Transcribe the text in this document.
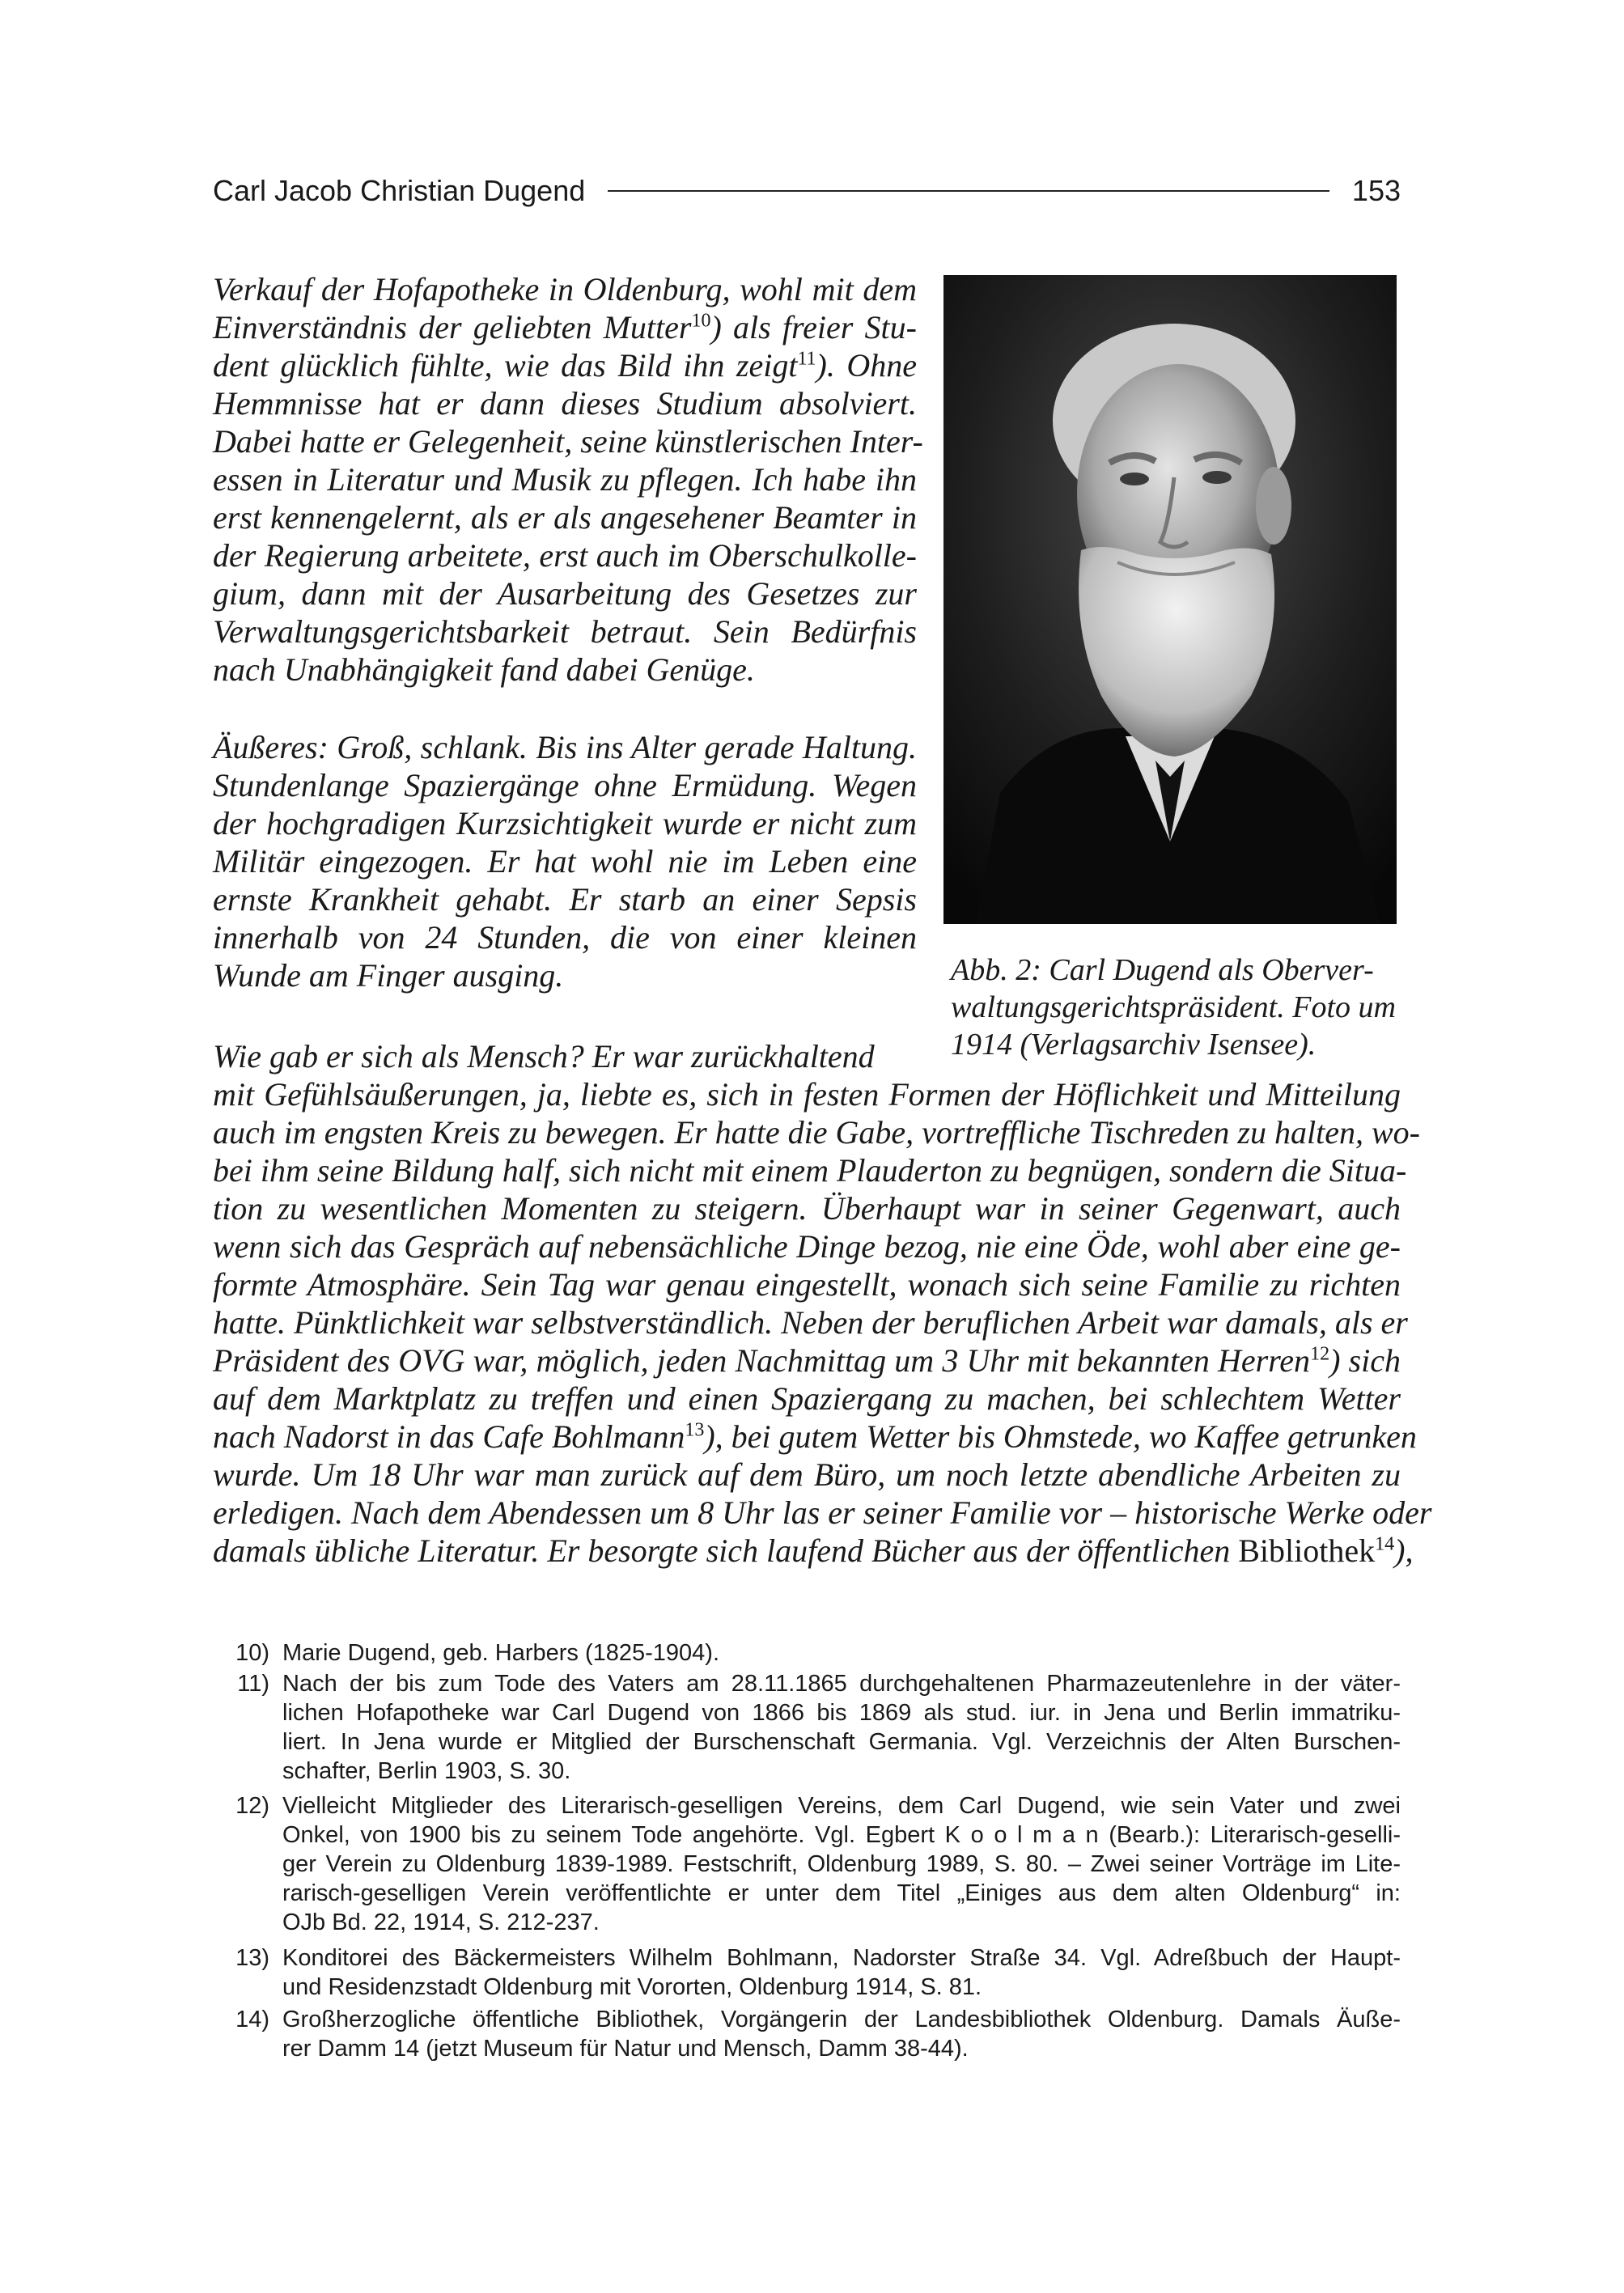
Carl Jacob Christian Dugend	153
Verkauf der Hofapotheke in Oldenburg, wohl mit dem
Einverständnis der geliebten Mutter$^{10}$) als freier Stu-
dent glücklich fühlte, wie das Bild ihn zeigt$^{11}$). Ohne
Hemmnisse hat er dann dieses Studium absolviert.
Dabei hatte er Gelegenheit, seine künstlerischen Inter-
essen in Literatur und Musik zu pflegen. Ich habe ihn
erst kennengelernt, als er als angesehener Beamter in
der Regierung arbeitete, erst auch im Oberschulkolle-
gium, dann mit der Ausarbeitung des Gesetzes zur
Verwaltungsgerichtsbarkeit betraut. Sein Bedürfnis
nach Unabhängigkeit fand dabei Genüge.
Äußeres: Groß, schlank. Bis ins Alter gerade Haltung.
Stundenlange Spaziergänge ohne Ermüdung. Wegen
der hochgradigen Kurzsichtigkeit wurde er nicht zum
Militär eingezogen. Er hat wohl nie im Leben eine
ernste Krankheit gehabt. Er starb an einer Sepsis
innerhalb von 24 Stunden, die von einer kleinen
Wunde am Finger ausging.	Abb. 2: Carl Dugend als Oberver-
waltungsgerichtspräsident. Foto um
1914 (Verlagsarchiv Isensee).
Wie gab er sich als Mensch? Er war zurückhaltend
mit Gefühlsäußerungen, ja, liebte es, sich in festen Formen der Höflichkeit und Mitteilung
auch im engsten Kreis zu bewegen. Er hatte die Gabe, vortreffliche Tischreden zu halten, wo-
bei ihm seine Bildung half, sich nicht mit einem Plauderton zu begnügen, sondern die Situa-
tion zu wesentlichen Momenten zu steigern. Überhaupt war in seiner Gegenwart, auch
wenn sich das Gespräch auf nebensächliche Dinge bezog, nie eine Öde, wohl aber eine ge-
formte Atmosphäre. Sein Tag war genau eingestellt, wonach sich seine Familie zu richten
hatte. Pünktlichkeit war selbstverständlich. Neben der beruflichen Arbeit war damals, als er
Präsident des OVG war, möglich, jeden Nachmittag um 3 Uhr mit bekannten Herren$^{12}$) sich
auf dem Marktplatz zu treffen und einen Spaziergang zu machen, bei schlechtem Wetter
nach Nadorst in das Cafe Bohlmann$^{13}$), bei gutem Wetter bis Ohmstede, wo Kaffee getrunken
wurde. Um 18 Uhr war man zurück auf dem Büro, um noch letzte abendliche Arbeiten zu
erledigen. Nach dem Abendessen um 8 Uhr las er seiner Familie vor – historische Werke oder
damals übliche Literatur. Er besorgte sich laufend Bücher aus der öffentlichen Bibliothek$^{14}$),
10) Marie Dugend, geb. Harbers (1825-1904).
11) Nach der bis zum Tode des Vaters am 28.11.1865 durchgehaltenen Pharmazeutenlehre in der väter-
lichen Hofapotheke war Carl Dugend von 1866 bis 1869 als stud. iur. in Jena und Berlin immatriku-
liert. In Jena wurde er Mitglied der Burschenschaft Germania. Vgl. Verzeichnis der Alten Burschen-
schafter, Berlin 1903, S. 30.
12) Vielleicht Mitglieder des Literarisch-geselligen Vereins, dem Carl Dugend, wie sein Vater und zwei
Onkel, von 1900 bis zu seinem Tode angehörte. Vgl. Egbert K o o l m a n (Bearb.): Literarisch-geselli-
ger Verein zu Oldenburg 1839-1989. Festschrift, Oldenburg 1989, S. 80. – Zwei seiner Vorträge im Lite-
rarisch-geselligen Verein veröffentlichte er unter dem Titel „Einiges aus dem alten Oldenburg“ in:
OJb Bd. 22, 1914, S. 212-237.
13) Konditorei des Bäckermeisters Wilhelm Bohlmann, Nadorster Straße 34. Vgl. Adreßbuch der Haupt-
und Residenzstadt Oldenburg mit Vororten, Oldenburg 1914, S. 81.
14) Großherzogliche öffentliche Bibliothek, Vorgängerin der Landesbibliothek Oldenburg. Damals Äuße-
rer Damm 14 (jetzt Museum für Natur und Mensch, Damm 38-44).
